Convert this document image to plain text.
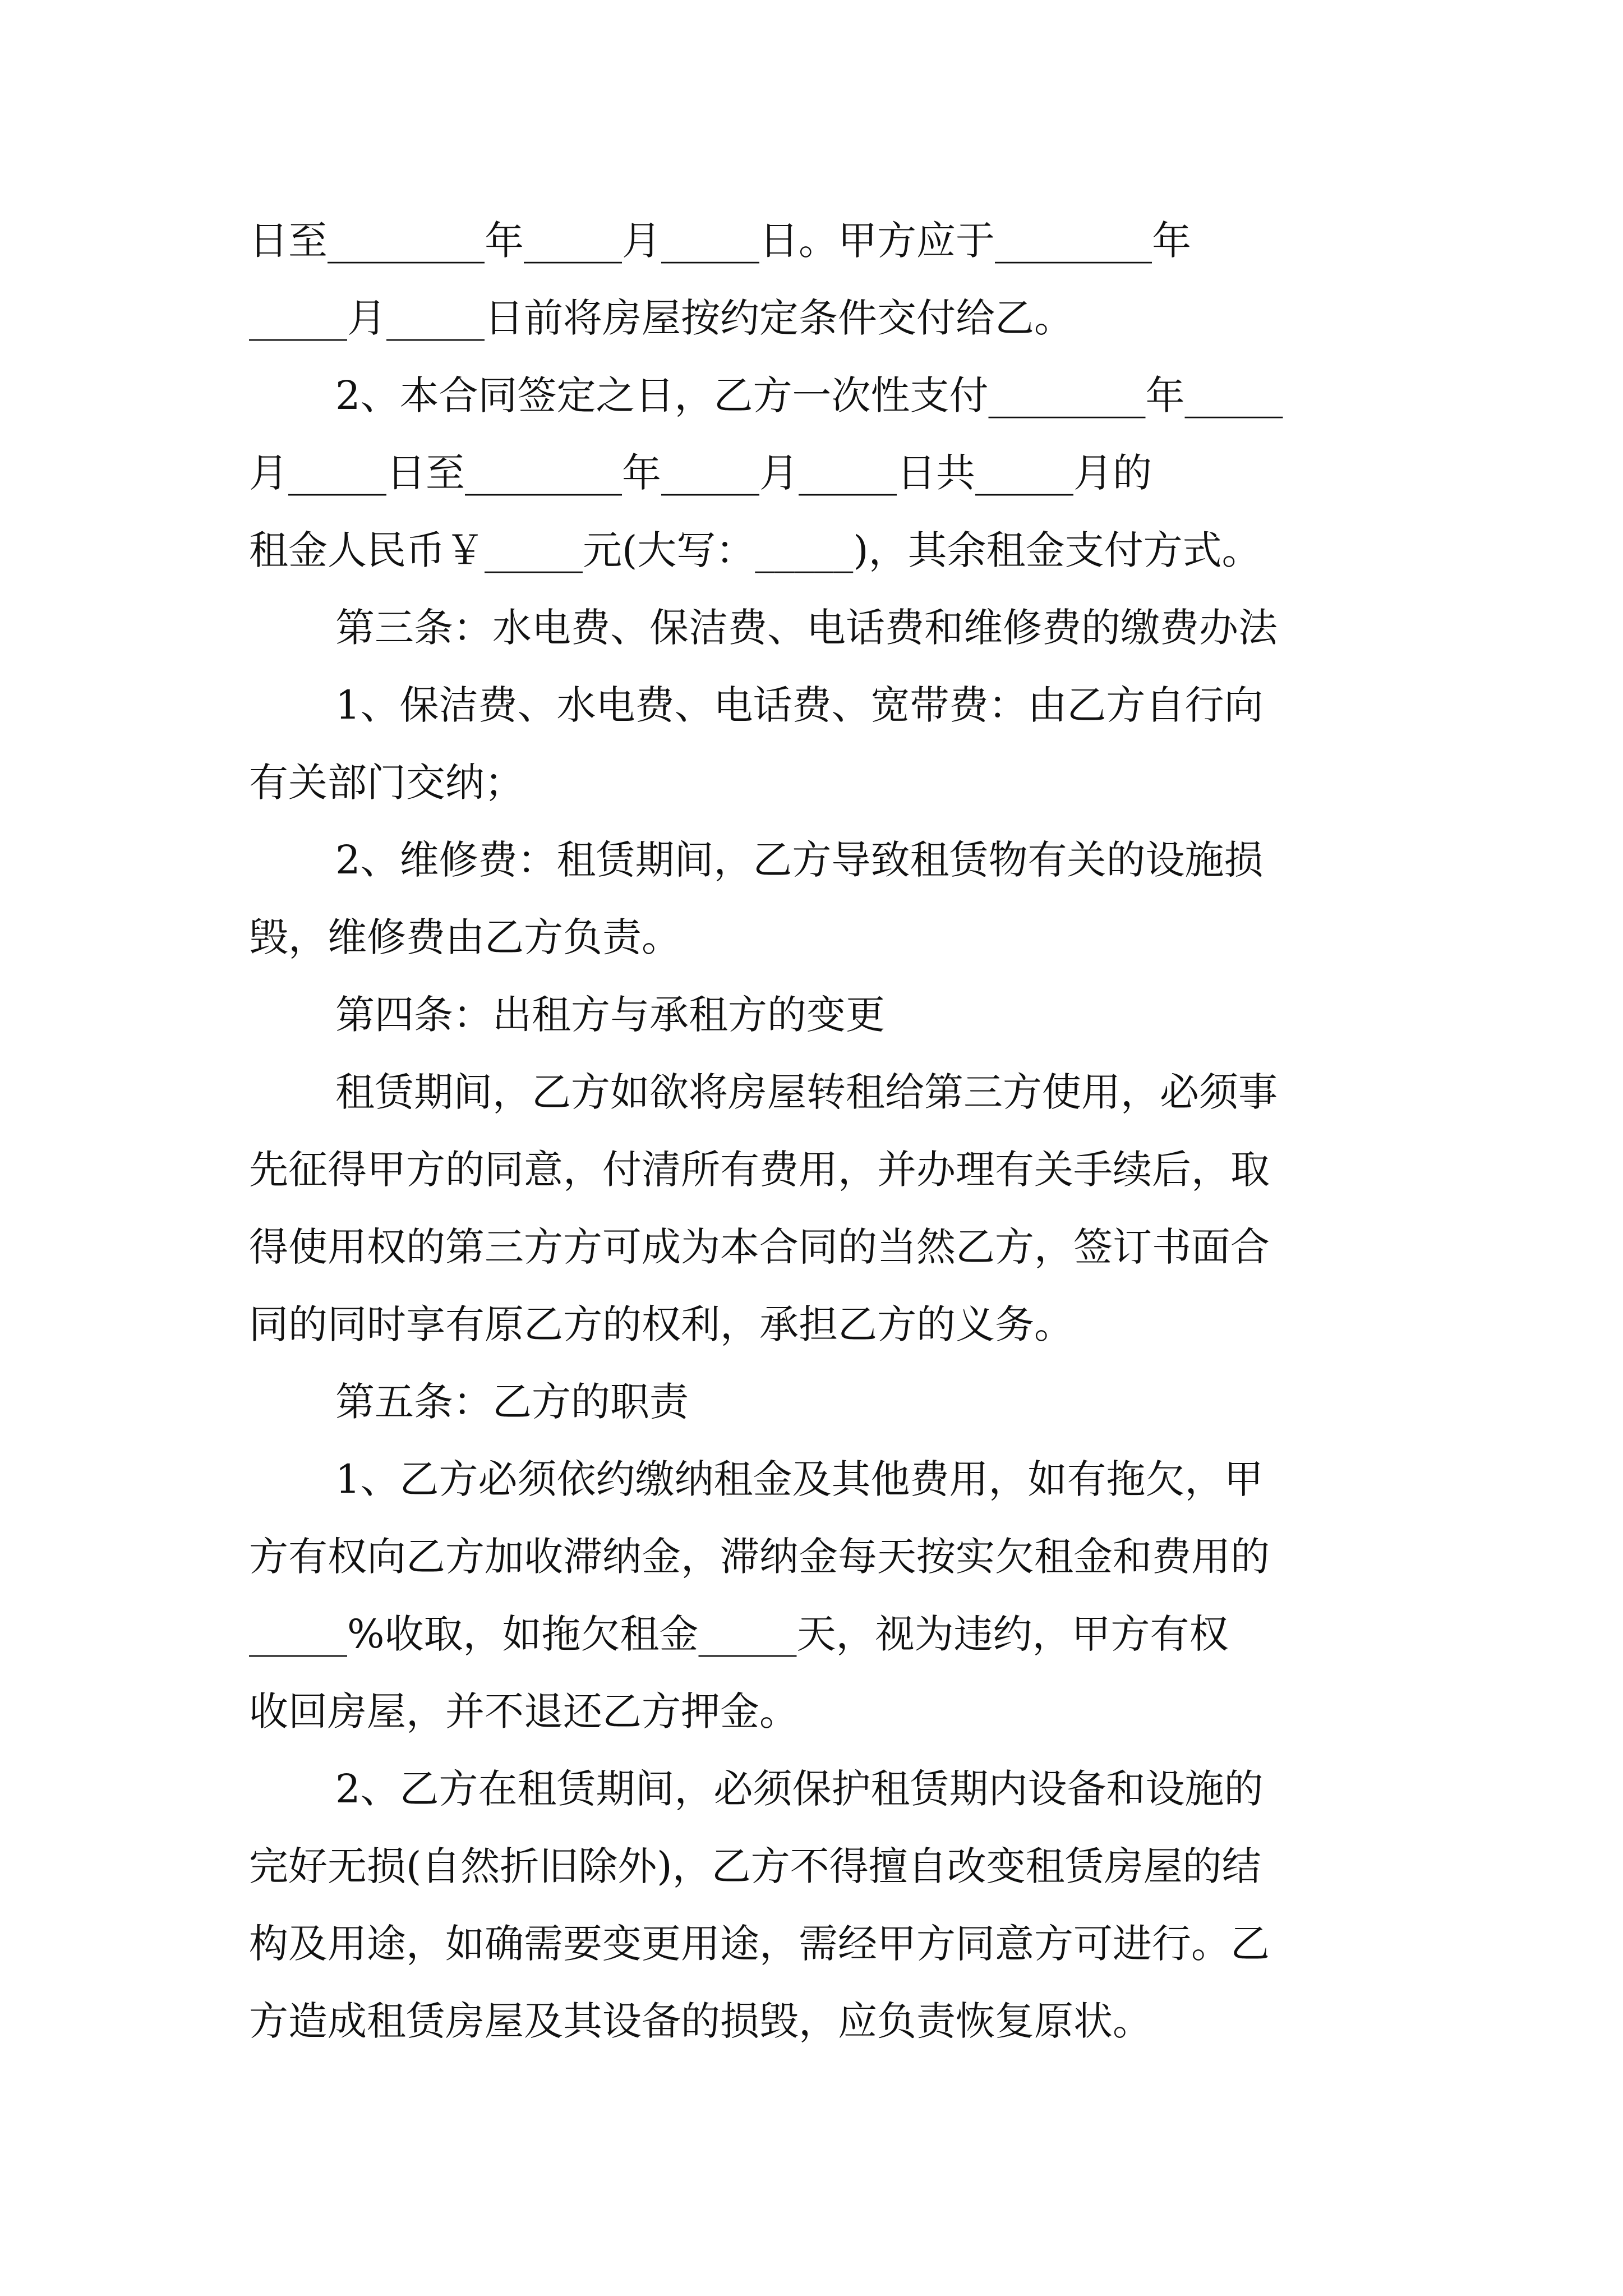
日至________年_____月_____日。甲方应于________年
_____月_____日前将房屋按约定条件交付给乙。
2、本合同签定之日，乙方一次性支付________年_____
月_____日至________年_____月_____日共_____月的
租金人民币￥_____元(大写：_____)，其余租金支付方式。
第三条：水电费、保洁费、电话费和维修费的缴费办法
1、保洁费、水电费、电话费、宽带费：由乙方自行向
有关部门交纳；
2、维修费：租赁期间，乙方导致租赁物有关的设施损
毁，维修费由乙方负责。
第四条：出租方与承租方的变更
租赁期间，乙方如欲将房屋转租给第三方使用，必须事
先征得甲方的同意，付清所有费用，并办理有关手续后，取
得使用权的第三方方可成为本合同的当然乙方，签订书面合
同的同时享有原乙方的权利，承担乙方的义务。
第五条：乙方的职责
1、乙方必须依约缴纳租金及其他费用，如有拖欠，甲
方有权向乙方加收滞纳金，滞纳金每天按实欠租金和费用的
_____%收取，如拖欠租金_____天，视为违约，甲方有权
收回房屋，并不退还乙方押金。
2、乙方在租赁期间，必须保护租赁期内设备和设施的
完好无损(自然折旧除外)，乙方不得擅自改变租赁房屋的结
构及用途，如确需要变更用途，需经甲方同意方可进行。乙
方造成租赁房屋及其设备的损毁，应负责恢复原状。
